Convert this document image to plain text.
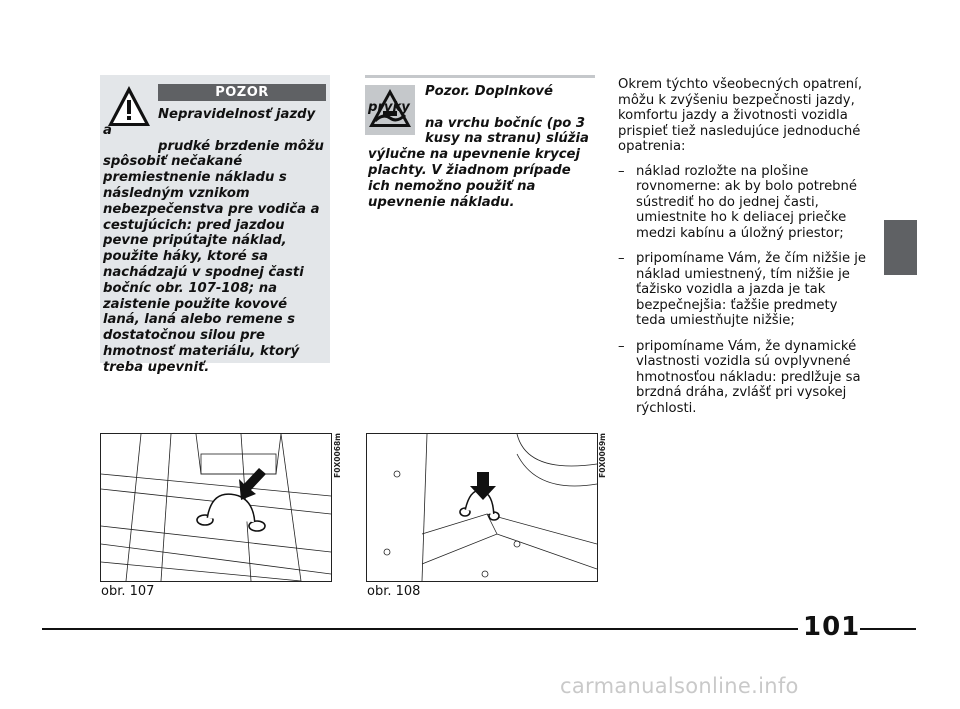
POZOR
Nepravidelnosť jazdy a
prudké brzdenie môžu
spôsobiť nečakané premiestnenie nákladu s následným vznikom nebezpečenstva pre vodiča a cestujúcich: pred jazdou pevne pripútajte náklad, použite háky, ktoré sa nachádzajú v spodnej časti bočníc obr. 107-108; na zaistenie použite kovové laná, laná alebo remene s dostatočnou silou pre hmotnosť materiálu, ktorý treba upevniť.
Pozor. Doplnkové prvky
na vrchu bočníc (po 3
kusy na stranu) slúžia
výlučne na upevnenie krycej plachty. V žiadnom prípade ich nemožno použiť na upevnenie nákladu.

Okrem týchto všeobecných opatrení, môžu k zvýšeniu bezpečnosti jazdy, komfortu jazdy a životnosti vozidla prispieť tiež nasledujúce jednoduché opatrenia:

– náklad rozložte na plošine rovnomerne: ak by bolo potrebné sústrediť ho do jednej časti, umiestnite ho k deliacej priečke medzi kabínu a úložný priestor;
– pripomíname Vám, že čím nižšie je náklad umiestnený, tím nižšie je ťažisko vozidla a jazda je tak bezpečnejšia: ťažšie predmety teda umiestňujte nižšie;
– pripomíname Vám, že dynamické vlastnosti vozidla sú ovplyvnené hmotnosťou nákladu: predlžuje sa brzdná dráha, zvlášť pri vysokej rýchlosti.
F0X0068m
obr. 107
F0X0069m
obr. 108
101
carmanualsonline.info
